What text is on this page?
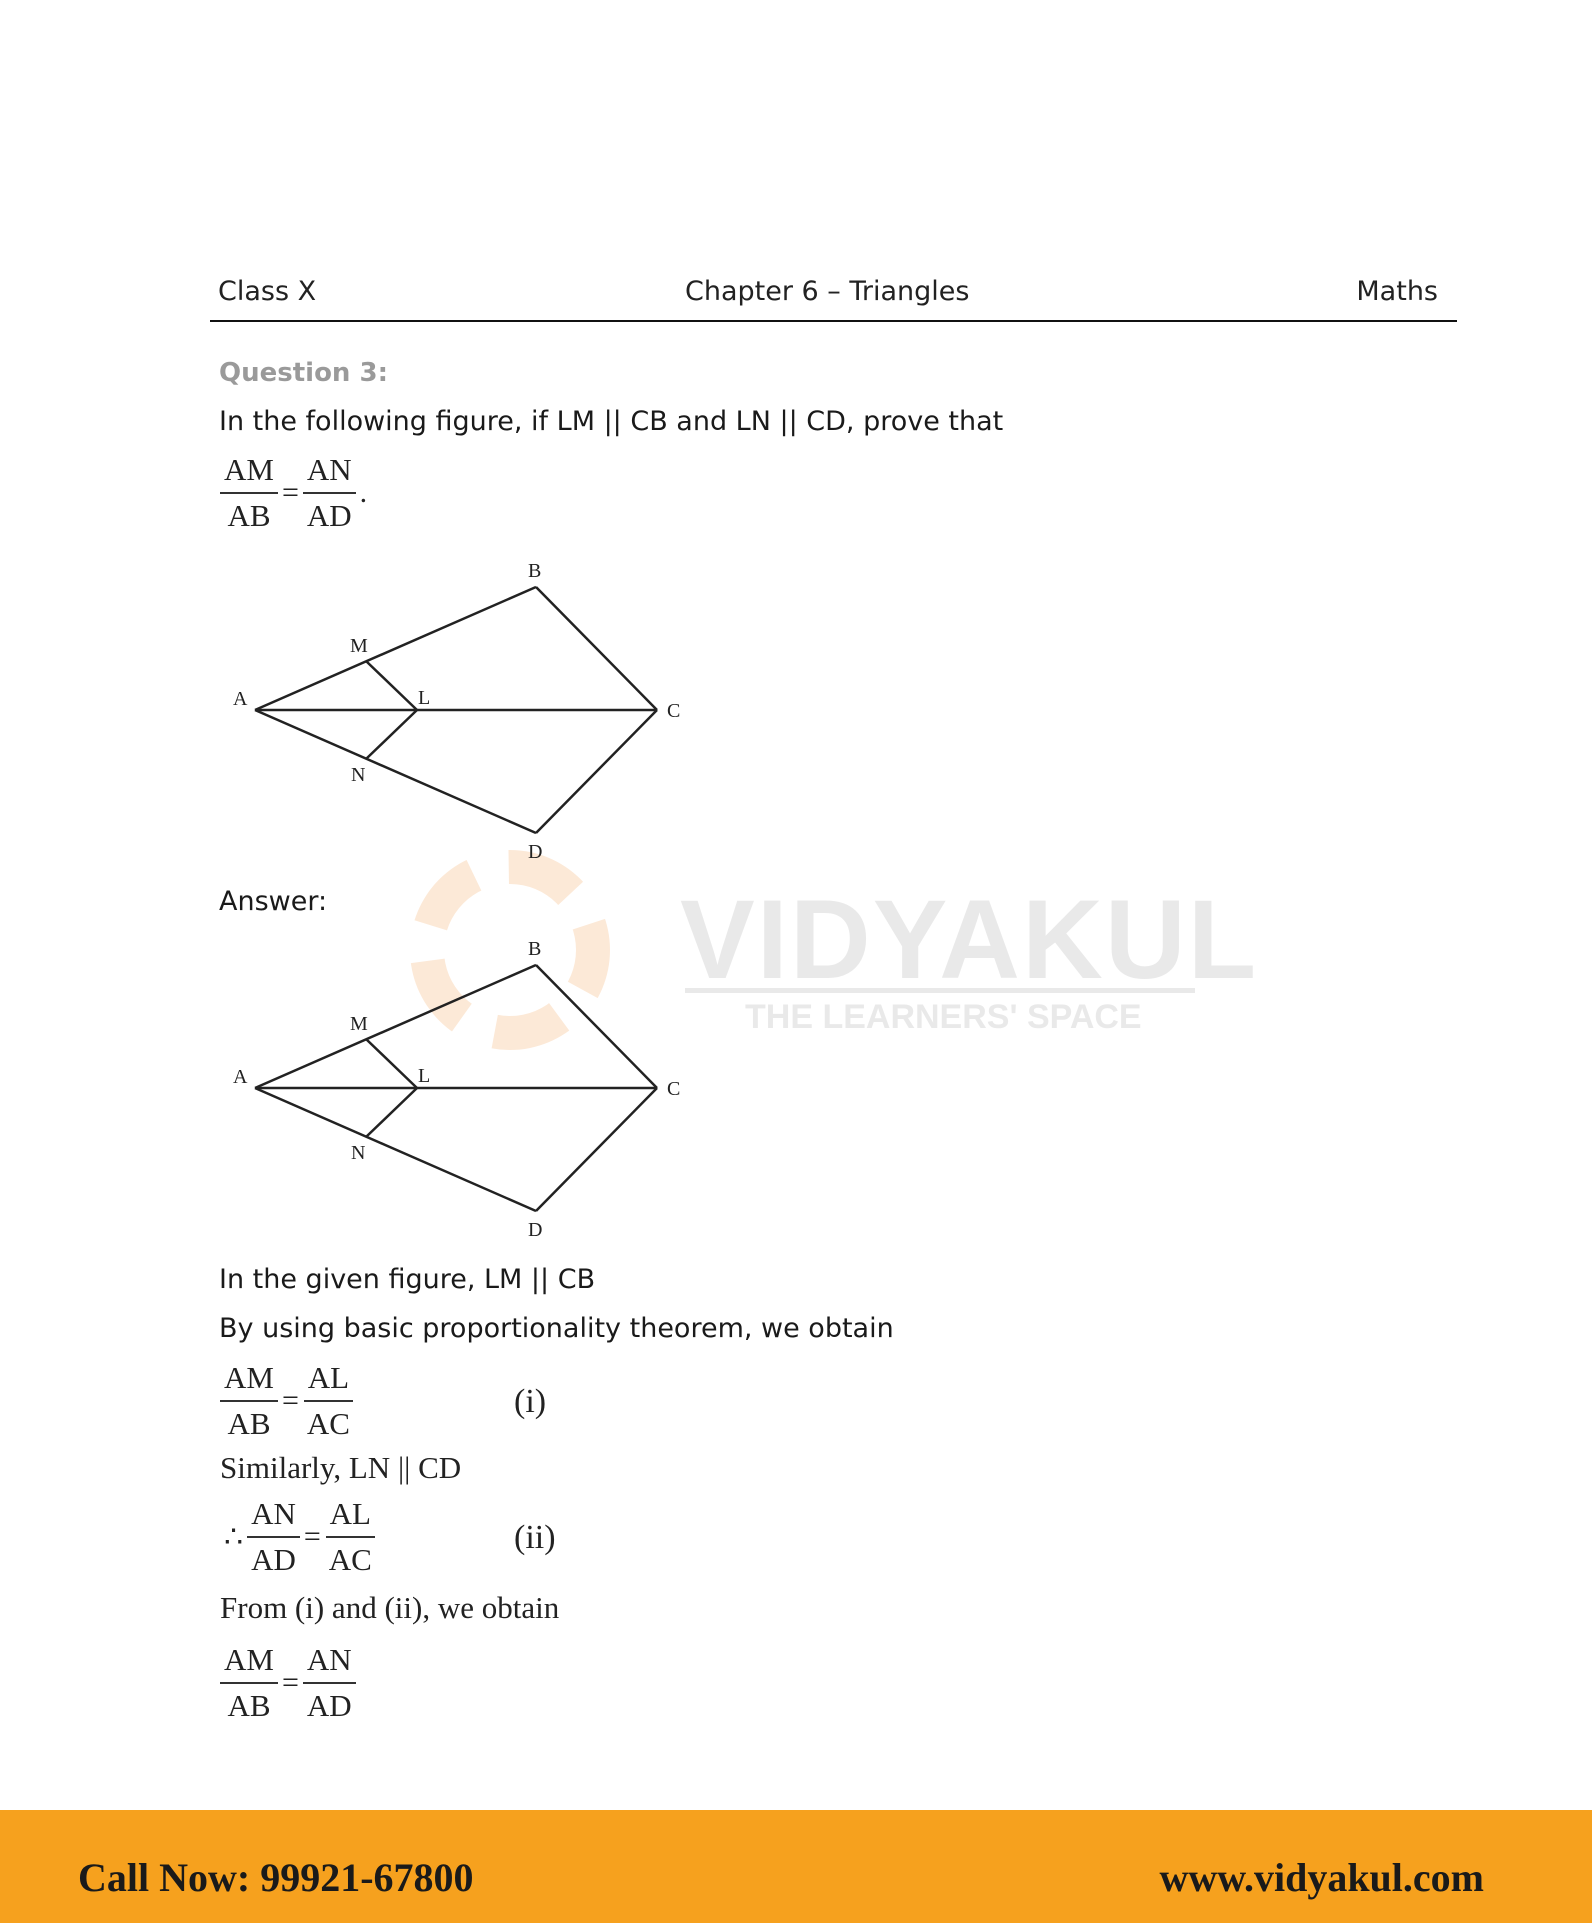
VIDYAKUL
THE LEARNERS' SPACE
Class X	Chapter 6 – Triangles	Maths
Question 3:
In the following figure, if LM || CB and LN || CD, prove that
$\frac{AM}{AB} = \frac{AN}{AD}$ .
A
B
C
D
L
M
N
Answer:
A
B
C
D
L
M
N
In the given figure, LM || CB
By using basic proportionality theorem, we obtain
$\frac{AM}{AB} = \frac{AL}{AC}$	(i)
Similarly, LN || CD
∴ $\frac{AN}{AD} = \frac{AL}{AC}$	(ii)
From (i) and (ii), we obtain
$\frac{AM}{AB} = \frac{AN}{AD}$
Call Now: 99921-67800	www.vidyakul.com
